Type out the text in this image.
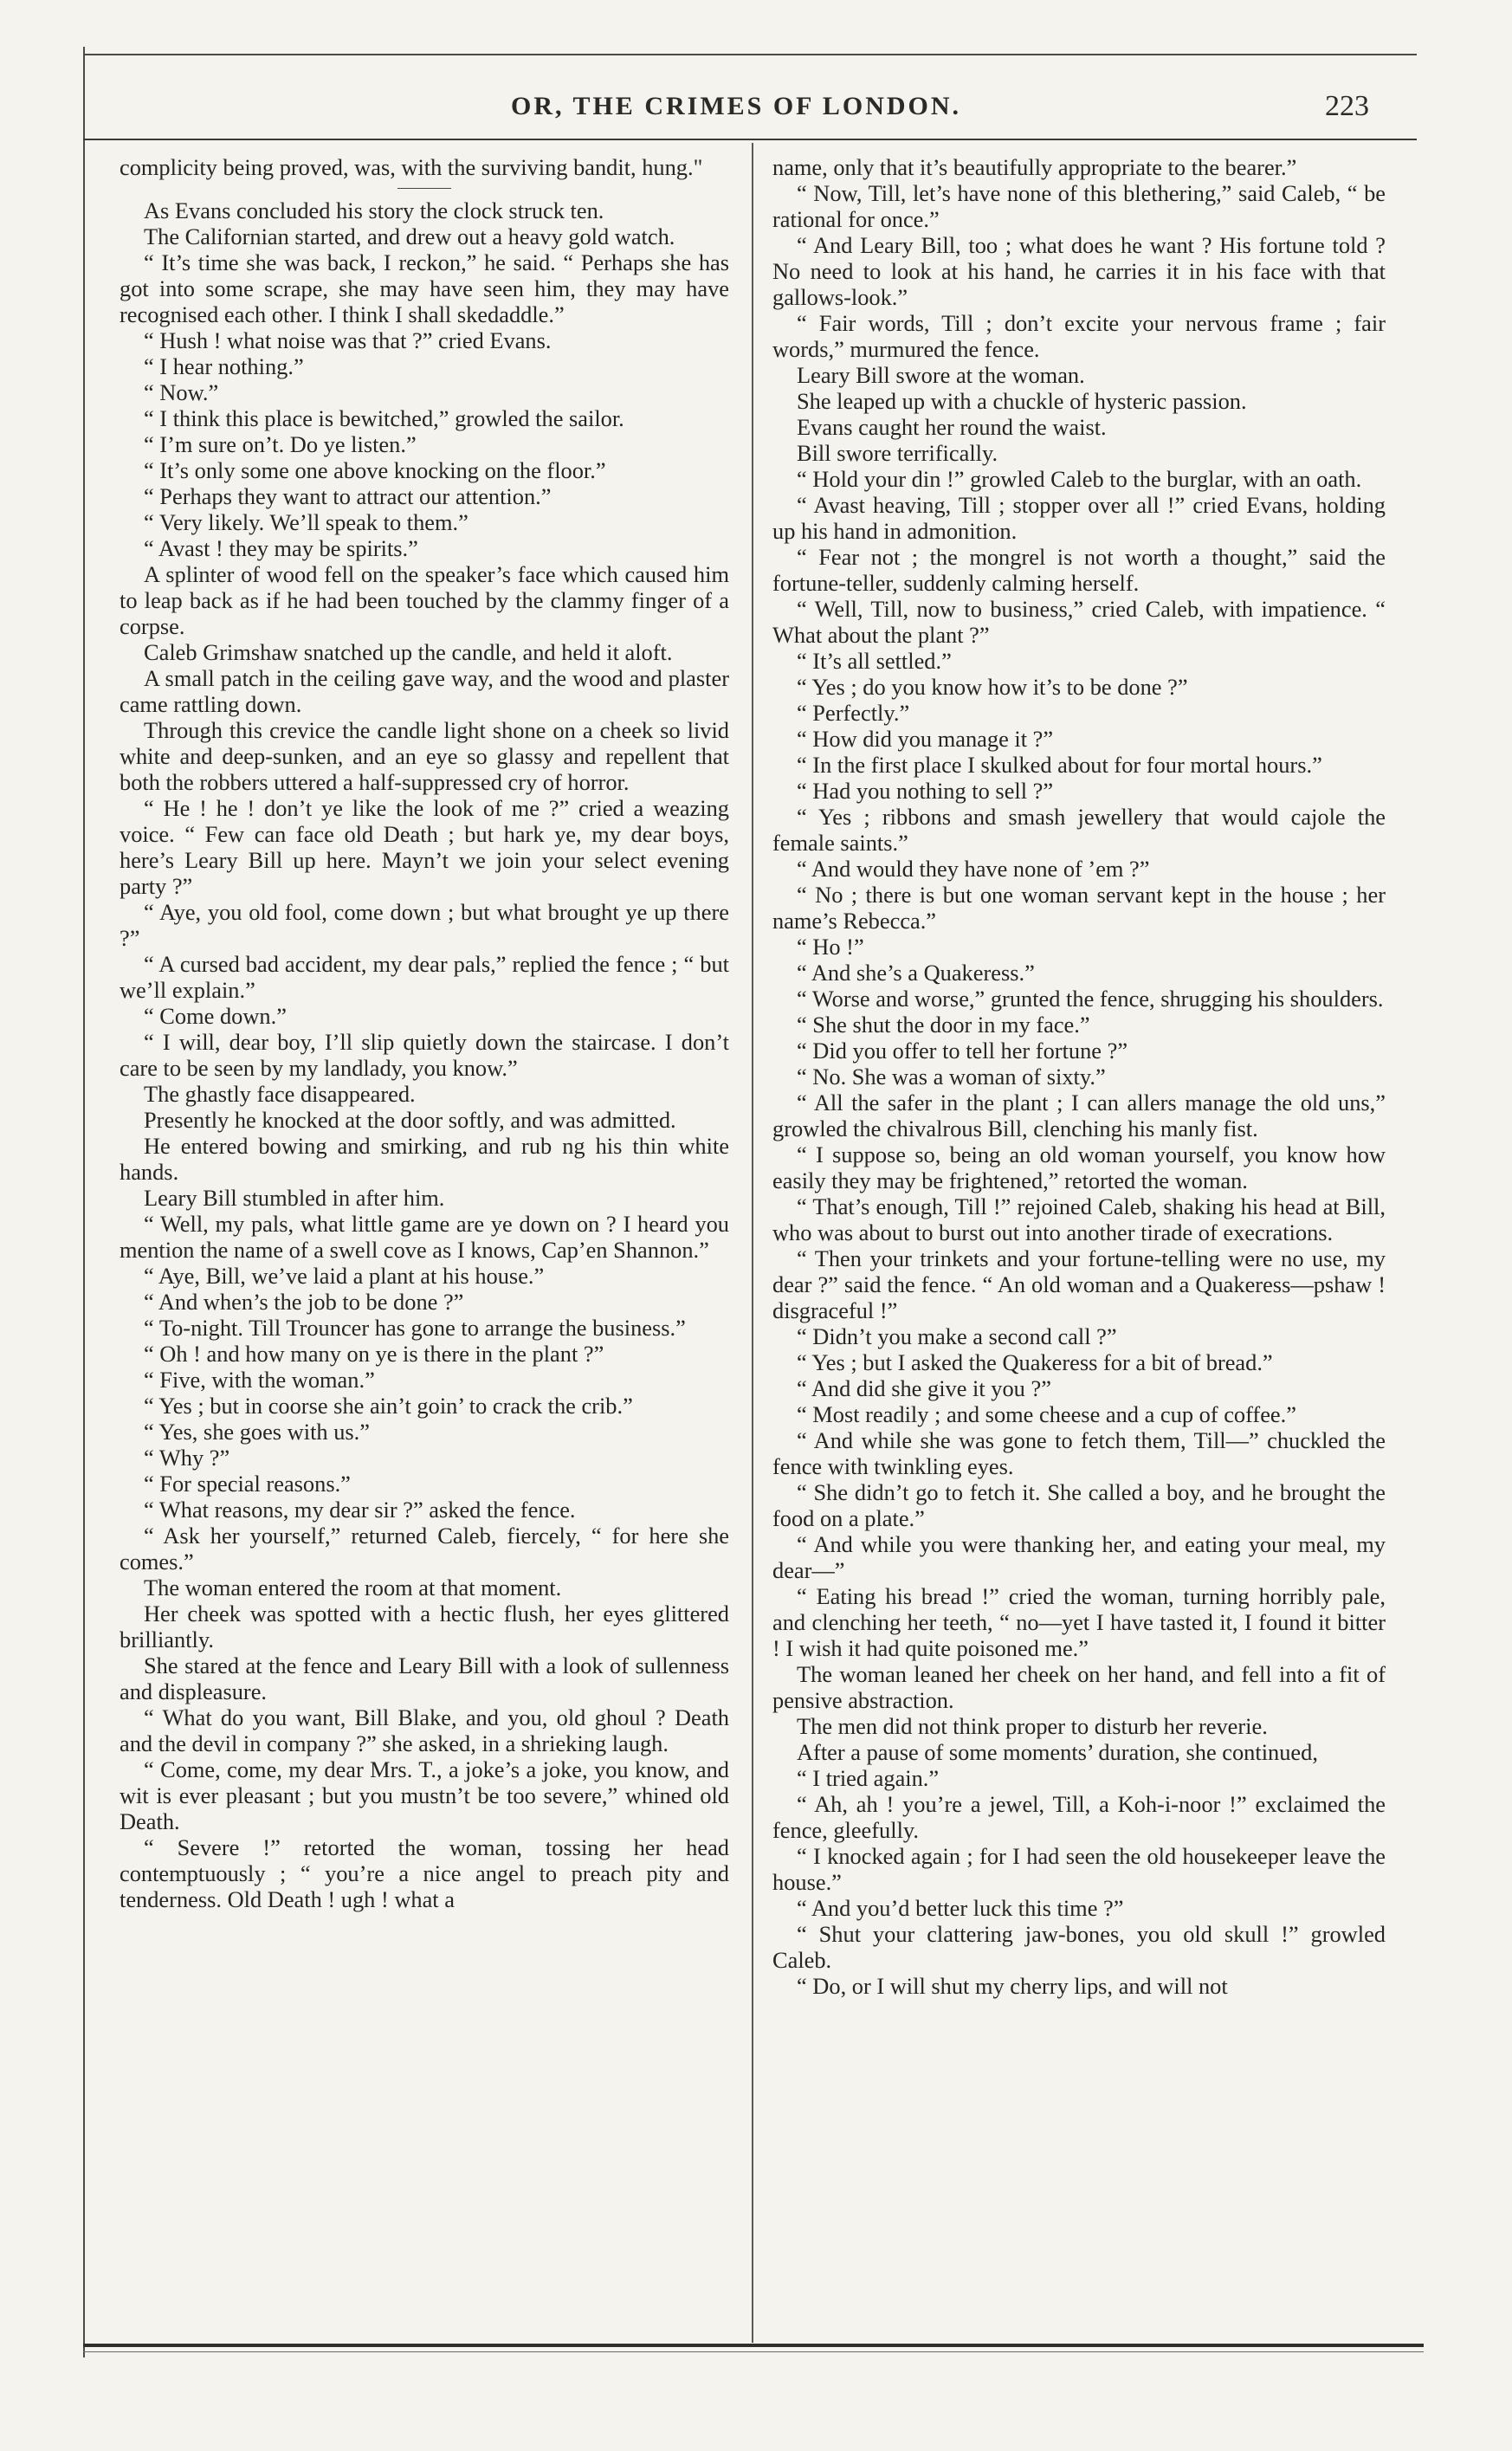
OR, THE CRIMES OF LONDON.	223

complicity being proved, was, with the surviving bandit, hung."

As Evans concluded his story the clock struck ten.

The Californian started, and drew out a heavy gold watch.

“ It’s time she was back, I reckon,” he said. “ Perhaps she has got into some scrape, she may have seen him, they may have recognised each other. I think I shall skedaddle.”

“ Hush ! what noise was that ?” cried Evans.

“ I hear nothing.”

“ Now.”

“ I think this place is bewitched,” growled the sailor.

“ I’m sure on’t. Do ye listen.”

“ It’s only some one above knocking on the floor.”

“ Perhaps they want to attract our attention.”

“ Very likely. We’ll speak to them.”

“ Avast ! they may be spirits.”

A splinter of wood fell on the speaker’s face which caused him to leap back as if he had been touched by the clammy finger of a corpse.

Caleb Grimshaw snatched up the candle, and held it aloft.

A small patch in the ceiling gave way, and the wood and plaster came rattling down.

Through this crevice the candle light shone on a cheek so livid white and deep-sunken, and an eye so glassy and repellent that both the robbers uttered a half-suppressed cry of horror.

“ He ! he ! don’t ye like the look of me ?” cried a weazing voice. “ Few can face old Death ; but hark ye, my dear boys, here’s Leary Bill up here. Mayn’t we join your select evening party ?”

“ Aye, you old fool, come down ; but what brought ye up there ?”

“ A cursed bad accident, my dear pals,” replied the fence ; “ but we’ll explain.”

“ Come down.”

“ I will, dear boy, I’ll slip quietly down the staircase. I don’t care to be seen by my landlady, you know.”

The ghastly face disappeared.

Presently he knocked at the door softly, and was admitted.

He entered bowing and smirking, and rub ng his thin white hands.

Leary Bill stumbled in after him.

“ Well, my pals, what little game are ye down on ? I heard you mention the name of a swell cove as I knows, Cap’en Shannon.”

“ Aye, Bill, we’ve laid a plant at his house.”

“ And when’s the job to be done ?”

“ To-night. Till Trouncer has gone to arrange the business.”

“ Oh ! and how many on ye is there in the plant ?”

“ Five, with the woman.”

“ Yes ; but in coorse she ain’t goin’ to crack the crib.”

“ Yes, she goes with us.”

“ Why ?”

“ For special reasons.”

“ What reasons, my dear sir ?” asked the fence.

“ Ask her yourself,” returned Caleb, fiercely, “ for here she comes.”

The woman entered the room at that moment.

Her cheek was spotted with a hectic flush, her eyes glittered brilliantly.

She stared at the fence and Leary Bill with a look of sullenness and displeasure.

“ What do you want, Bill Blake, and you, old ghoul ? Death and the devil in company ?” she asked, in a shrieking laugh.

“ Come, come, my dear Mrs. T., a joke’s a joke, you know, and wit is ever pleasant ; but you mustn’t be too severe,” whined old Death.

“ Severe !” retorted the woman, tossing her head contemptuously ; “ you’re a nice angel to preach pity and tenderness. Old Death ! ugh ! what a

name, only that it’s beautifully appropriate to the bearer.”

“ Now, Till, let’s have none of this blethering,” said Caleb, “ be rational for once.”

“ And Leary Bill, too ; what does he want ? His fortune told ? No need to look at his hand, he carries it in his face with that gallows-look.”

“ Fair words, Till ; don’t excite your nervous frame ; fair words,” murmured the fence.

Leary Bill swore at the woman.

She leaped up with a chuckle of hysteric passion.

Evans caught her round the waist.

Bill swore terrifically.

“ Hold your din !” growled Caleb to the burglar, with an oath.

“ Avast heaving, Till ; stopper over all !” cried Evans, holding up his hand in admonition.

“ Fear not ; the mongrel is not worth a thought,” said the fortune-teller, suddenly calming herself.

“ Well, Till, now to business,” cried Caleb, with impatience. “ What about the plant ?”

“ It’s all settled.”

“ Yes ; do you know how it’s to be done ?”

“ Perfectly.”

“ How did you manage it ?”

“ In the first place I skulked about for four mortal hours.”

“ Had you nothing to sell ?”

“ Yes ; ribbons and smash jewellery that would cajole the female saints.”

“ And would they have none of ’em ?”

“ No ; there is but one woman servant kept in the house ; her name’s Rebecca.”

“ Ho !”

“ And she’s a Quakeress.”

“ Worse and worse,” grunted the fence, shrugging his shoulders.

“ She shut the door in my face.”

“ Did you offer to tell her fortune ?”

“ No. She was a woman of sixty.”

“ All the safer in the plant ; I can allers manage the old uns,” growled the chivalrous Bill, clenching his manly fist.

“ I suppose so, being an old woman yourself, you know how easily they may be frightened,” retorted the woman.

“ That’s enough, Till !” rejoined Caleb, shaking his head at Bill, who was about to burst out into another tirade of execrations.

“ Then your trinkets and your fortune-telling were no use, my dear ?” said the fence. “ An old woman and a Quakeress—pshaw ! disgraceful !”

“ Didn’t you make a second call ?”

“ Yes ; but I asked the Quakeress for a bit of bread.”

“ And did she give it you ?”

“ Most readily ; and some cheese and a cup of coffee.”

“ And while she was gone to fetch them, Till—” chuckled the fence with twinkling eyes.

“ She didn’t go to fetch it. She called a boy, and he brought the food on a plate.”

“ And while you were thanking her, and eating your meal, my dear—”

“ Eating his bread !” cried the woman, turning horribly pale, and clenching her teeth, “ no—yet I have tasted it, I found it bitter ! I wish it had quite poisoned me.”

The woman leaned her cheek on her hand, and fell into a fit of pensive abstraction.

The men did not think proper to disturb her reverie.

After a pause of some moments’ duration, she continued,

“ I tried again.”

“ Ah, ah ! you’re a jewel, Till, a Koh-i-noor !” exclaimed the fence, gleefully.

“ I knocked again ; for I had seen the old housekeeper leave the house.”

“ And you’d better luck this time ?”

“ Shut your clattering jaw-bones, you old skull !” growled Caleb.

“ Do, or I will shut my cherry lips, and will not
